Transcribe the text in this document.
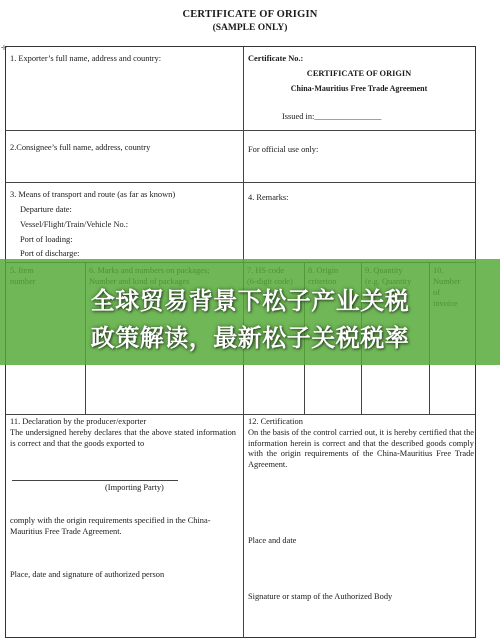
CERTIFICATE OF ORIGIN
(SAMPLE ONLY)
✛
1. Exporter’s full name, address and country:	Certificate No.:
CERTIFICATE OF ORIGIN
China-Mauritius Free Trade Agreement
Issued in:________________
2.Consignee’s full name, address, country	For official use only:
3. Means of transport and route (as far as known)
Departure date:
Vessel/Flight/Train/Vehicle No.:
Port of loading:
Port of discharge:
4. Remarks:
11. Declaration by the producer/exporter
The undersigned hereby declares that the above stated information is correct and that the goods exported to
(Importing Party)
comply with the origin requirements specified in the China-Mauritius Free Trade Agreement.
Place, date and signature of authorized person
12. Certification
On the basis of the control carried out, it is hereby certified that the information herein is correct and that the described goods comply with the origin requirements of the China-Mauritius Free Trade Agreement.
Place and date
Signature or stamp of the Authorized Body
全球贸易背景下松子产业关税
政策解读，最新松子关税税率
